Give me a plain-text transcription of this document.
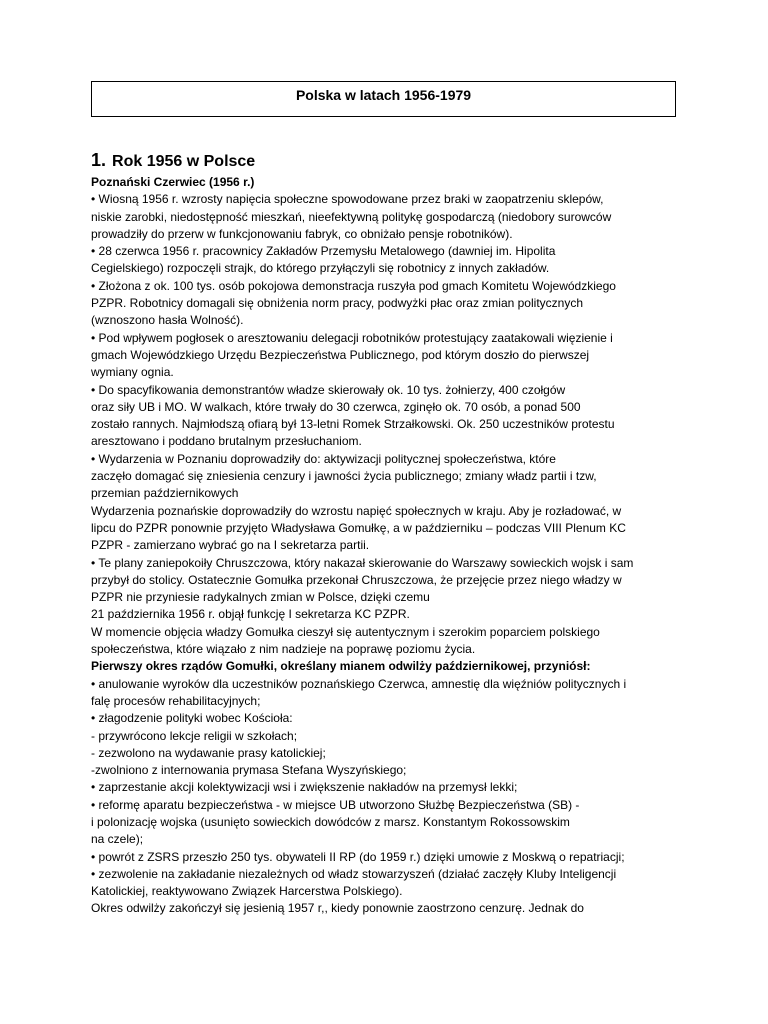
Polska w latach 1956-1979
1. Rok 1956 w Polsce
Poznański Czerwiec (1956 r.)
• Wiosną 1956 r. wzrosty napięcia społeczne spowodowane przez braki w zaopatrzeniu sklepów,
niskie zarobki, niedostępność mieszkań, nieefektywną politykę gospodarczą (niedobory surowców
prowadziły do przerw w funkcjonowaniu fabryk, co obniżało pensje robotników).
• 28 czerwca 1956 r. pracownicy Zakładów Przemysłu Metalowego (dawniej im. Hipolita
Cegielskiego) rozpoczęli strajk, do którego przyłączyli się robotnicy z innych zakładów.
• Złożona z ok. 100 tys. osób pokojowa demonstracja ruszyła pod gmach Komitetu Wojewódzkiego
PZPR. Robotnicy domagali się obniżenia norm pracy, podwyżki płac oraz zmian politycznych
(wznoszono hasła Wolność).
• Pod wpływem pogłosek o aresztowaniu delegacji robotników protestujący zaatakowali więzienie i
gmach Wojewódzkiego Urzędu Bezpieczeństwa Publicznego, pod którym doszło do pierwszej
wymiany ognia.
• Do spacyfikowania demonstrantów władze skierowały ok. 10 tys. żołnierzy, 400 czołgów
oraz siły UB i MO. W walkach, które trwały do 30 czerwca, zginęło ok. 70 osób, a ponad 500
zostało rannych. Najmłodszą ofiarą był 13-letni Romek Strzałkowski. Ok. 250 uczestników protestu
aresztowano i poddano brutalnym przesłuchaniom.
• Wydarzenia w Poznaniu doprowadziły do: aktywizacji politycznej społeczeństwa, które
zaczęło domagać się zniesienia cenzury i jawności życia publicznego; zmiany władz partii i tzw,
przemian październikowych
Wydarzenia poznańskie doprowadziły do wzrostu napięć społecznych w kraju. Aby je rozładować, w
lipcu do PZPR ponownie przyjęto Władysława Gomułkę, a w październiku – podczas VIII Plenum KC
PZPR - zamierzano wybrać go na I sekretarza partii.
• Te plany zaniepokoiły Chruszczowa, który nakazał skierowanie do Warszawy sowieckich wojsk i sam
przybył do stolicy. Ostatecznie Gomułka przekonał Chruszczowa, że przejęcie przez niego władzy w
PZPR nie przyniesie radykalnych zmian w Polsce, dzięki czemu
21 października 1956 r. objął funkcję I sekretarza KC PZPR.
W momencie objęcia władzy Gomułka cieszył się autentycznym i szerokim poparciem polskiego
społeczeństwa, które wiązało z nim nadzieje na poprawę poziomu życia.
Pierwszy okres rządów Gomułki, określany mianem odwilży październikowej, przyniósł:
• anulowanie wyroków dla uczestników poznańskiego Czerwca, amnestię dla więźniów politycznych i
falę procesów rehabilitacyjnych;
• złagodzenie polityki wobec Kościoła:
- przywrócono lekcje religii w szkołach;
- zezwolono na wydawanie prasy katolickiej;
-zwolniono z internowania prymasa Stefana Wyszyńskiego;
• zaprzestanie akcji kolektywizacji wsi i zwiększenie nakładów na przemysł lekki;
• reformę aparatu bezpieczeństwa - w miejsce UB utworzono Służbę Bezpieczeństwa (SB) -
i polonizację wojska (usunięto sowieckich dowódców z marsz. Konstantym Rokossowskim
na czele);
• powrót z ZSRS przeszło 250 tys. obywateli II RP (do 1959 r.) dzięki umowie z Moskwą o repatriacji;
• zezwolenie na zakładanie niezależnych od władz stowarzyszeń (działać zaczęły Kluby Inteligencji
Katolickiej, reaktywowano Związek Harcerstwa Polskiego).
Okres odwilży zakończył się jesienią 1957 r,, kiedy ponownie zaostrzono cenzurę. Jednak do
